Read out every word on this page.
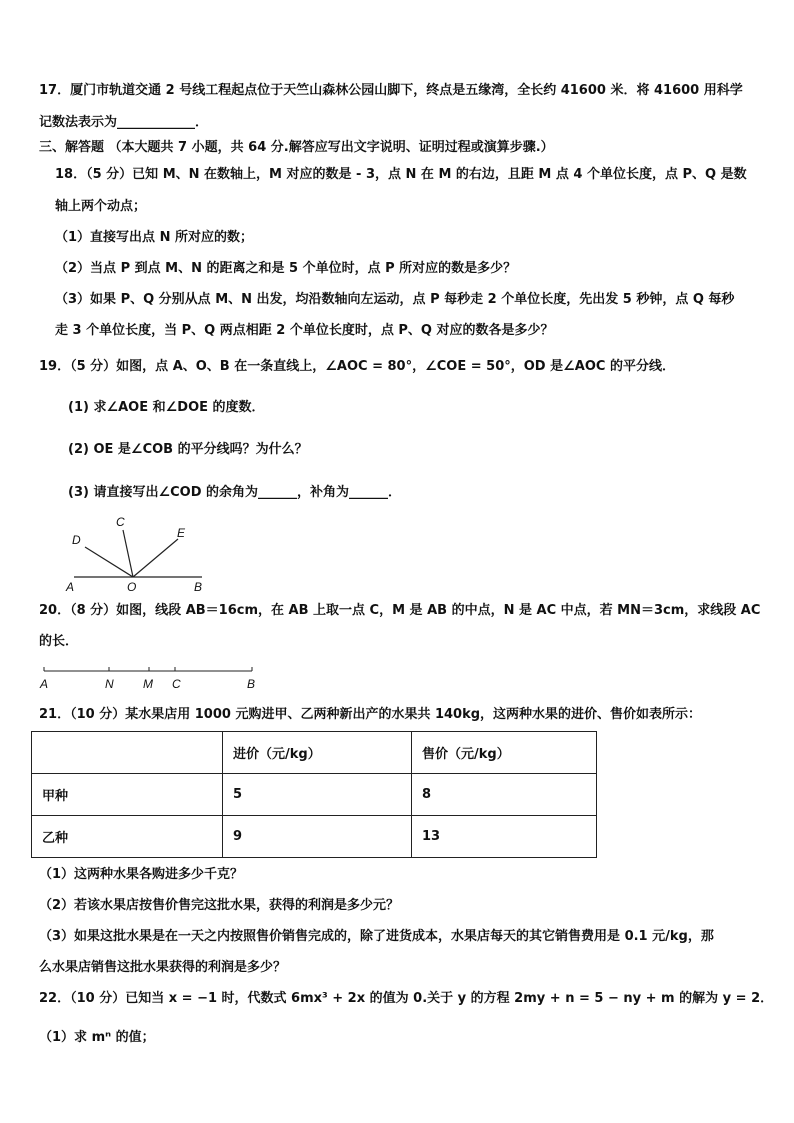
17．厦门市轨道交通 2 号线工程起点位于天竺山森林公园山脚下，终点是五缘湾，全长约 41600 米．将 41600 用科学
记数法表示为____________．
三、解答题 （本大题共 7 小题，共 64 分.解答应写出文字说明、证明过程或演算步骤.）
18．（5 分）已知 M、N 在数轴上，M 对应的数是 - 3，点 N 在 M 的右边，且距 M 点 4 个单位长度，点 P、Q 是数
轴上两个动点；
（1）直接写出点 N 所对应的数；
（2）当点 P 到点 M、N 的距离之和是 5 个单位时，点 P 所对应的数是多少？
（3）如果 P、Q 分别从点 M、N 出发，均沿数轴向左运动，点 P 每秒走 2 个单位长度，先出发 5 秒钟，点 Q 每秒
走 3 个单位长度，当 P、Q 两点相距 2 个单位长度时，点 P、Q 对应的数各是多少？
19．（5 分）如图，点 A、O、B 在一条直线上，∠AOC = 80°，∠COE = 50°，OD 是∠AOC 的平分线．
(1) 求∠AOE 和∠DOE 的度数．
(2) OE 是∠COB 的平分线吗？为什么？
(3) 请直接写出∠COD 的余角为______，补角为______．
A	O	B
C
D	E
20．（8 分）如图，线段 AB＝16cm，在 AB 上取一点 C，M 是 AB 的中点，N 是 AC 中点，若 MN＝3cm，求线段 AC
的长．
A	N M C	B
21．（10 分）某水果店用 1000 元购进甲、乙两种新出产的水果共 140kg，这两种水果的进价、售价如表所示：
	进价（元/kg）	售价（元/kg）
甲种	5	8
乙种	9	13
（1）这两种水果各购进多少千克？
（2）若该水果店按售价售完这批水果，获得的利润是多少元？
（3）如果这批水果是在一天之内按照售价销售完成的，除了进货成本，水果店每天的其它销售费用是 0.1 元/kg，那
么水果店销售这批水果获得的利润是多少？
22．（10 分）已知当 x = −1 时，代数式 6mx³ + 2x 的值为 0.关于 y 的方程 2my + n = 5 − ny + m 的解为 y = 2．
（1）求 mⁿ 的值；
